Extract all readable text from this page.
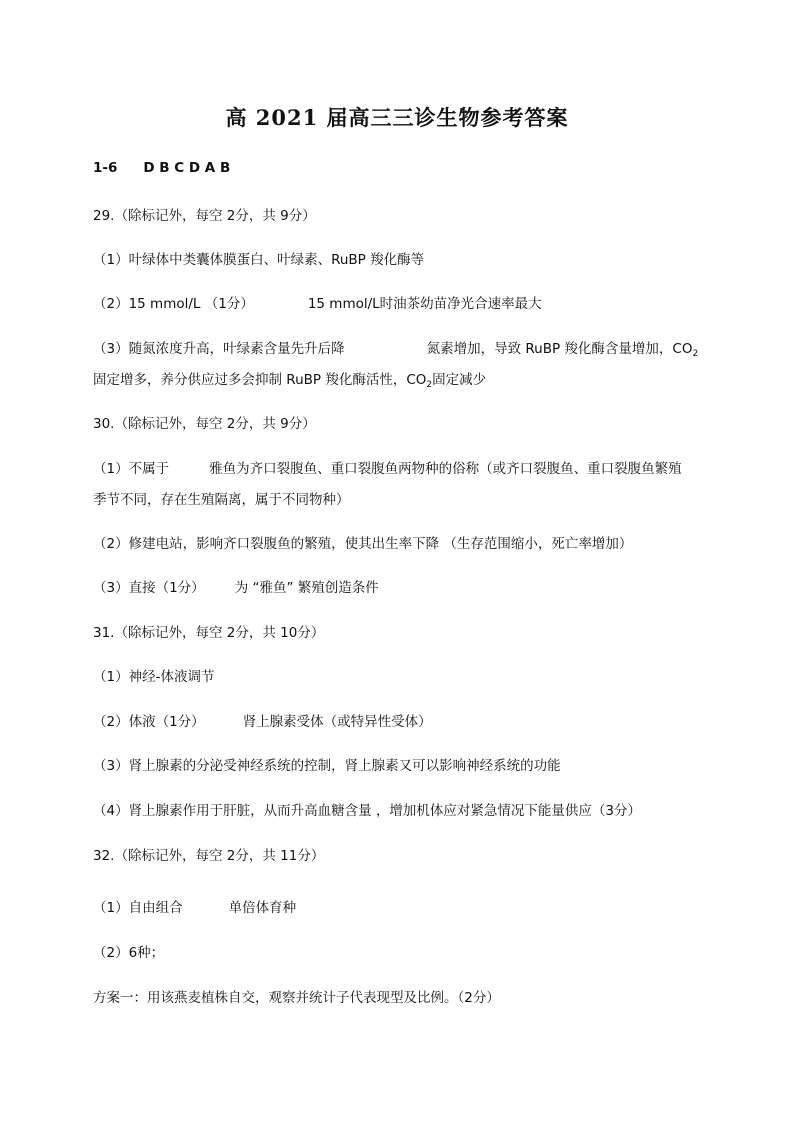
高 2021 届高三三诊生物参考答案
1-6 D B C D A B
29.（除标记外，每空 2分，共 9分）
（1）叶绿体中类囊体膜蛋白、叶绿素、RuBP 羧化酶等
（2）15 mmol/L （1分）	15 mmol/L时油茶幼苗净光合速率最大
（3）随氮浓度升高，叶绿素含量先升后降	氮素增加，导致 RuBP 羧化酶含量增加，$CO_2$
固定增多，养分供应过多会抑制 RuBP 羧化酶活性，$CO_2$固定减少
30.（除标记外，每空 2分，共 9分）
（1）不属于	雅鱼为齐口裂腹鱼、重口裂腹鱼两物种的俗称（或齐口裂腹鱼、重口裂腹鱼繁殖
季节不同，存在生殖隔离，属于不同物种）
（2）修建电站，影响齐口裂腹鱼的繁殖，使其出生率下降 （生存范围缩小，死亡率增加）
（3）直接（1分） 为 “雅鱼” 繁殖创造条件
31.（除标记外，每空 2分，共 10分）
（1）神经-体液调节
（2）体液（1分）	肾上腺素受体（或特异性受体）
（3）肾上腺素的分泌受神经系统的控制，肾上腺素又可以影响神经系统的功能
（4）肾上腺素作用于肝脏，从而升高血糖含量 ，增加机体应对紧急情况下能量供应（3分）
32.（除标记外，每空 2分，共 11分）
（1）自由组合	单倍体育种
（2）6种；
方案一：用该燕麦植株自交，观察并统计子代表现型及比例。（2分）
